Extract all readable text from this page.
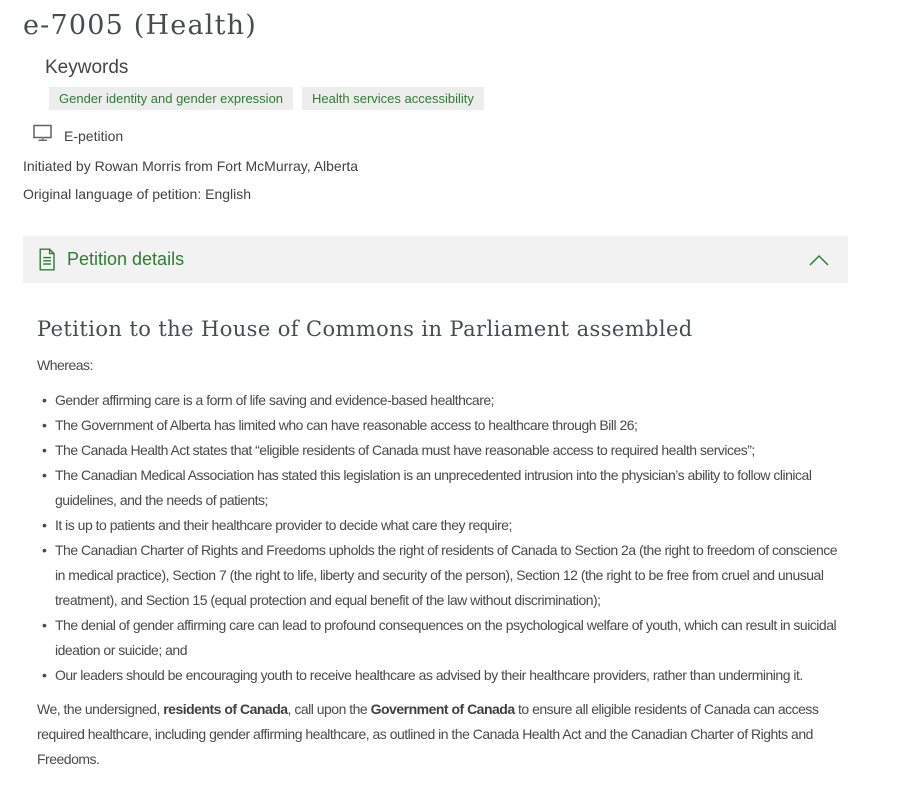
e-7005 (Health)
Keywords
Gender identity and gender expression	Health services accessibility
E-petition

Initiated by Rowan Morris from Fort McMurray, Alberta

Original language of petition: English

Petition details
Petition to the House of Commons in Parliament assembled

Whereas:

• Gender affirming care is a form of life saving and evidence-based healthcare;
• The Government of Alberta has limited who can have reasonable access to healthcare through Bill 26;
• The Canada Health Act states that “eligible residents of Canada must have reasonable access to required health services”;
• The Canadian Medical Association has stated this legislation is an unprecedented intrusion into the physician’s ability to follow clinical guidelines, and the needs of patients;
• It is up to patients and their healthcare provider to decide what care they require;
• The Canadian Charter of Rights and Freedoms upholds the right of residents of Canada to Section 2a (the right to freedom of conscience in medical practice), Section 7 (the right to life, liberty and security of the person), Section 12 (the right to be free from cruel and unusual treatment), and Section 15 (equal protection and equal benefit of the law without discrimination);
• The denial of gender affirming care can lead to profound consequences on the psychological welfare of youth, which can result in suicidal ideation or suicide; and
• Our leaders should be encouraging youth to receive healthcare as advised by their healthcare providers, rather than undermining it.

We, the undersigned, residents of Canada, call upon the Government of Canada to ensure all eligible residents of Canada can access required healthcare, including gender affirming healthcare, as outlined in the Canada Health Act and the Canadian Charter of Rights and Freedoms.
